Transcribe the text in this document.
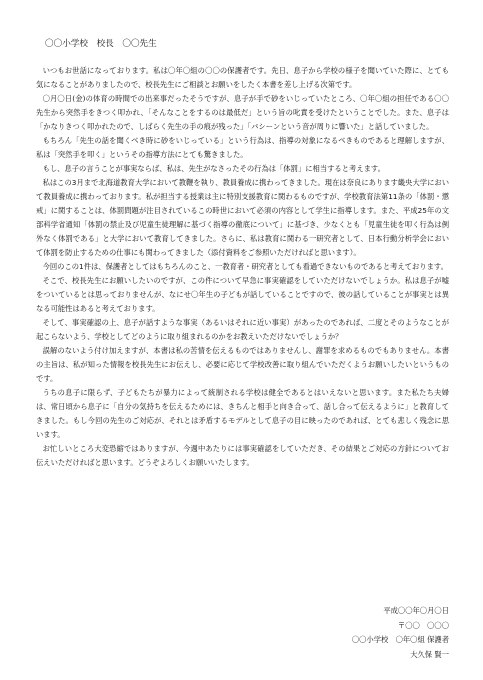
〇〇小学校　校長　〇〇先生

いつもお世話になっております。私は〇年〇組の〇〇の保護者です。先日、息子から学校の様子を聞いていた際に、とても気になることがありましたので、校長先生にご相談とお願いをしたく本書を差し上げる次第です。

〇月〇日(金)の体育の時間での出来事だったそうですが、息子が手で砂をいじっていたところ、〇年〇組の担任である〇〇先生から突然手をきつく叩かれ、「そんなことをするのは最低だ」という旨の叱責を受けたということでした。また、息子は「かなりきつく叩かれたので、しばらく先生の手の痕が残った」「バシーンという音が周りに響いた」と話していました。

もちろん「先生の話を聞くべき時に砂をいじっている」という行為は、指導の対象になるべきものであると理解しますが、私は「突然手を叩く」というその指導方法にとても驚きました。

もし、息子の言うことが事実ならば、私は、先生がなさったその行為は「体罰」に相当すると考えます。

私はこの3月まで北海道教育大学において教鞭を執り、教員養成に携わってきました。現在は奈良にあります畿央大学において教員養成に携わっております。私が担当する授業は主に特別支援教育に関わるものですが、学校教育法第11条の「体罰・懲戒」に関することは、体罰問題が注目されているこの時世において必須の内容として学生に指導します。また、平成25年の文部科学省通知「体罰の禁止及び児童生徒理解に基づく指導の徹底について」に基づき、少なくとも「児童生徒を叩く行為は例外なく体罰である」と大学において教育してきました。さらに、私は教育に関わる一研究者として、日本行動分析学会において体罰を防止するための仕事にも関わってきました（添付資料をご参照いただければと思います）。

今回のこの1件は、保護者としてはもちろんのこと、一教育者・研究者としても看過できないものであると考えております。

そこで、校長先生にお願いしたいのですが、この件について早急に事実確認をしていただけないでしょうか。私は息子が嘘をついているとは思っておりませんが、なにせ〇年生の子どもが話していることですので、彼の話していることが事実とは異なる可能性はあると考えております。

そして、事実確認の上、息子が話すような事実（あるいはそれに近い事実）があったのであれば、二度とそのようなことが起こらないよう、学校としてどのように取り組まれるのかをお教えいただけないでしょうか？

誤解のないよう付け加えますが、本書は私の苦情を伝えるものではありませんし、謝罪を求めるものでもありません。本書の主旨は、私が知った情報を校長先生にお伝えし、必要に応じて学校改善に取り組んでいただくようお願いしたいというものです。

うちの息子に限らず、子どもたちが暴力によって統制される学校は健全であるとはいえないと思います。また私たち夫婦は、常日頃から息子に「自分の気持ちを伝えるためには、きちんと相手と向き合って、話し合って伝えるように」と教育してきました。もし今回の先生のご対応が、それとは矛盾するモデルとして息子の目に映ったのであれば、とても悲しく残念に思います。

お忙しいところ大変恐縮ではありますが、今週中あたりには事実確認をしていただき、その結果とご対応の方針についてお伝えいただければと思います。どうぞよろしくお願いいたします。

平成〇〇年〇月〇日
〒〇〇　〇〇〇
〇〇小学校　〇年〇組 保護者
大久保 賢一
